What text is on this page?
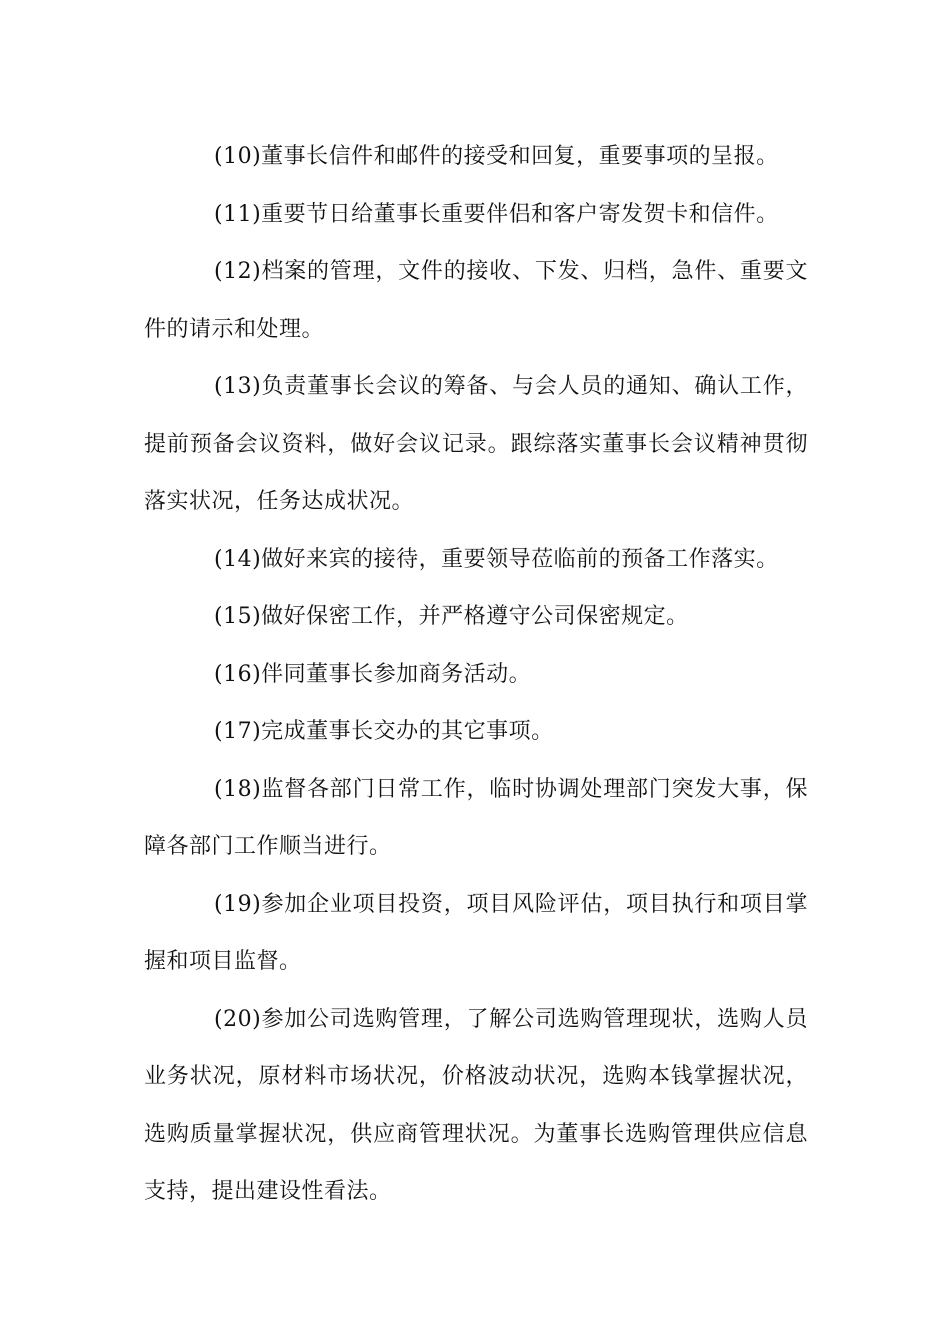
(10)董事长信件和邮件的接受和回复，重要事项的呈报。

(11)重要节日给董事长重要伴侣和客户寄发贺卡和信件。

(12)档案的管理，文件的接收、下发、归档，急件、重要文件的请示和处理。

(13)负责董事长会议的筹备、与会人员的通知、确认工作，提前预备会议资料，做好会议记录。跟综落实董事长会议精神贯彻落实状况，任务达成状况。

(14)做好来宾的接待，重要领导莅临前的预备工作落实。

(15)做好保密工作，并严格遵守公司保密规定。

(16)伴同董事长参加商务活动。

(17)完成董事长交办的其它事项。

(18)监督各部门日常工作，临时协调处理部门突发大事，保障各部门工作顺当进行。

(19)参加企业项目投资，项目风险评估，项目执行和项目掌握和项目监督。

(20)参加公司选购管理，了解公司选购管理现状，选购人员业务状况，原材料市场状况，价格波动状况，选购本钱掌握状况，选购质量掌握状况，供应商管理状况。为董事长选购管理供应信息支持，提出建设性看法。
